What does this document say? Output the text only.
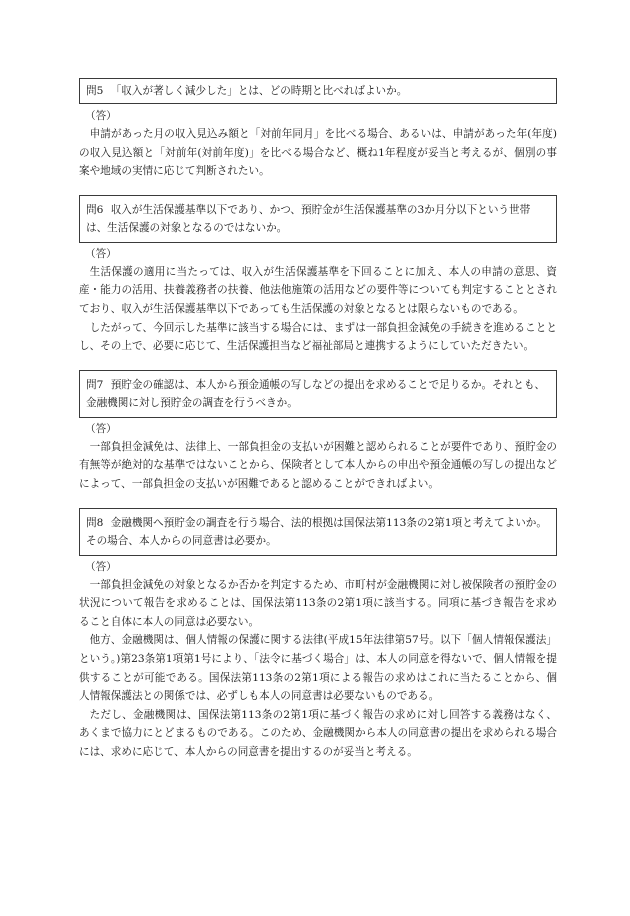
問5 「収入が著しく減少した」とは、どの時期と比べればよいか。
（答）

申請があった月の収入見込み額と「対前年同月」を比べる場合、あるいは、申請があった年(年度)の収入見込額と「対前年(対前年度)」を比べる場合など、概ね1年程度が妥当と考えるが、個別の事案や地域の実情に応じて判断されたい。

問6 収入が生活保護基準以下であり、かつ、預貯金が生活保護基準の3か月分以下という世帯は、生活保護の対象となるのではないか。
（答）

生活保護の適用に当たっては、収入が生活保護基準を下回ることに加え、本人の申請の意思、資産・能力の活用、扶養義務者の扶養、他法他施策の活用などの要件等についても判定することとされており、収入が生活保護基準以下であっても生活保護の対象となるとは限らないものである。

したがって、今回示した基準に該当する場合には、まずは一部負担金減免の手続きを進めることとし、その上で、必要に応じて、生活保護担当など福祉部局と連携するようにしていただきたい。

問7 預貯金の確認は、本人から預金通帳の写しなどの提出を求めることで足りるか。それとも、金融機関に対し預貯金の調査を行うべきか。
（答）

一部負担金減免は、法律上、一部負担金の支払いが困難と認められることが要件であり、預貯金の有無等が絶対的な基準ではないことから、保険者として本人からの申出や預金通帳の写しの提出などによって、一部負担金の支払いが困難であると認めることができればよい。

問8 金融機関へ預貯金の調査を行う場合、法的根拠は国保法第113条の2第1項と考えてよいか。その場合、本人からの同意書は必要か。
（答）

一部負担金減免の対象となるか否かを判定するため、市町村が金融機関に対し被保険者の預貯金の状況について報告を求めることは、国保法第113条の2第1項に該当する。同項に基づき報告を求めること自体に本人の同意は必要ない。

他方、金融機関は、個人情報の保護に関する法律(平成15年法律第57号。以下「個人情報保護法」という。)第23条第1項第1号により、「法令に基づく場合」は、本人の同意を得ないで、個人情報を提供することが可能である。国保法第113条の2第1項による報告の求めはこれに当たることから、個人情報保護法との関係では、必ずしも本人の同意書は必要ないものである。

ただし、金融機関は、国保法第113条の2第1項に基づく報告の求めに対し回答する義務はなく、あくまで協力にとどまるものである。このため、金融機関から本人の同意書の提出を求められる場合には、求めに応じて、本人からの同意書を提出するのが妥当と考える。
